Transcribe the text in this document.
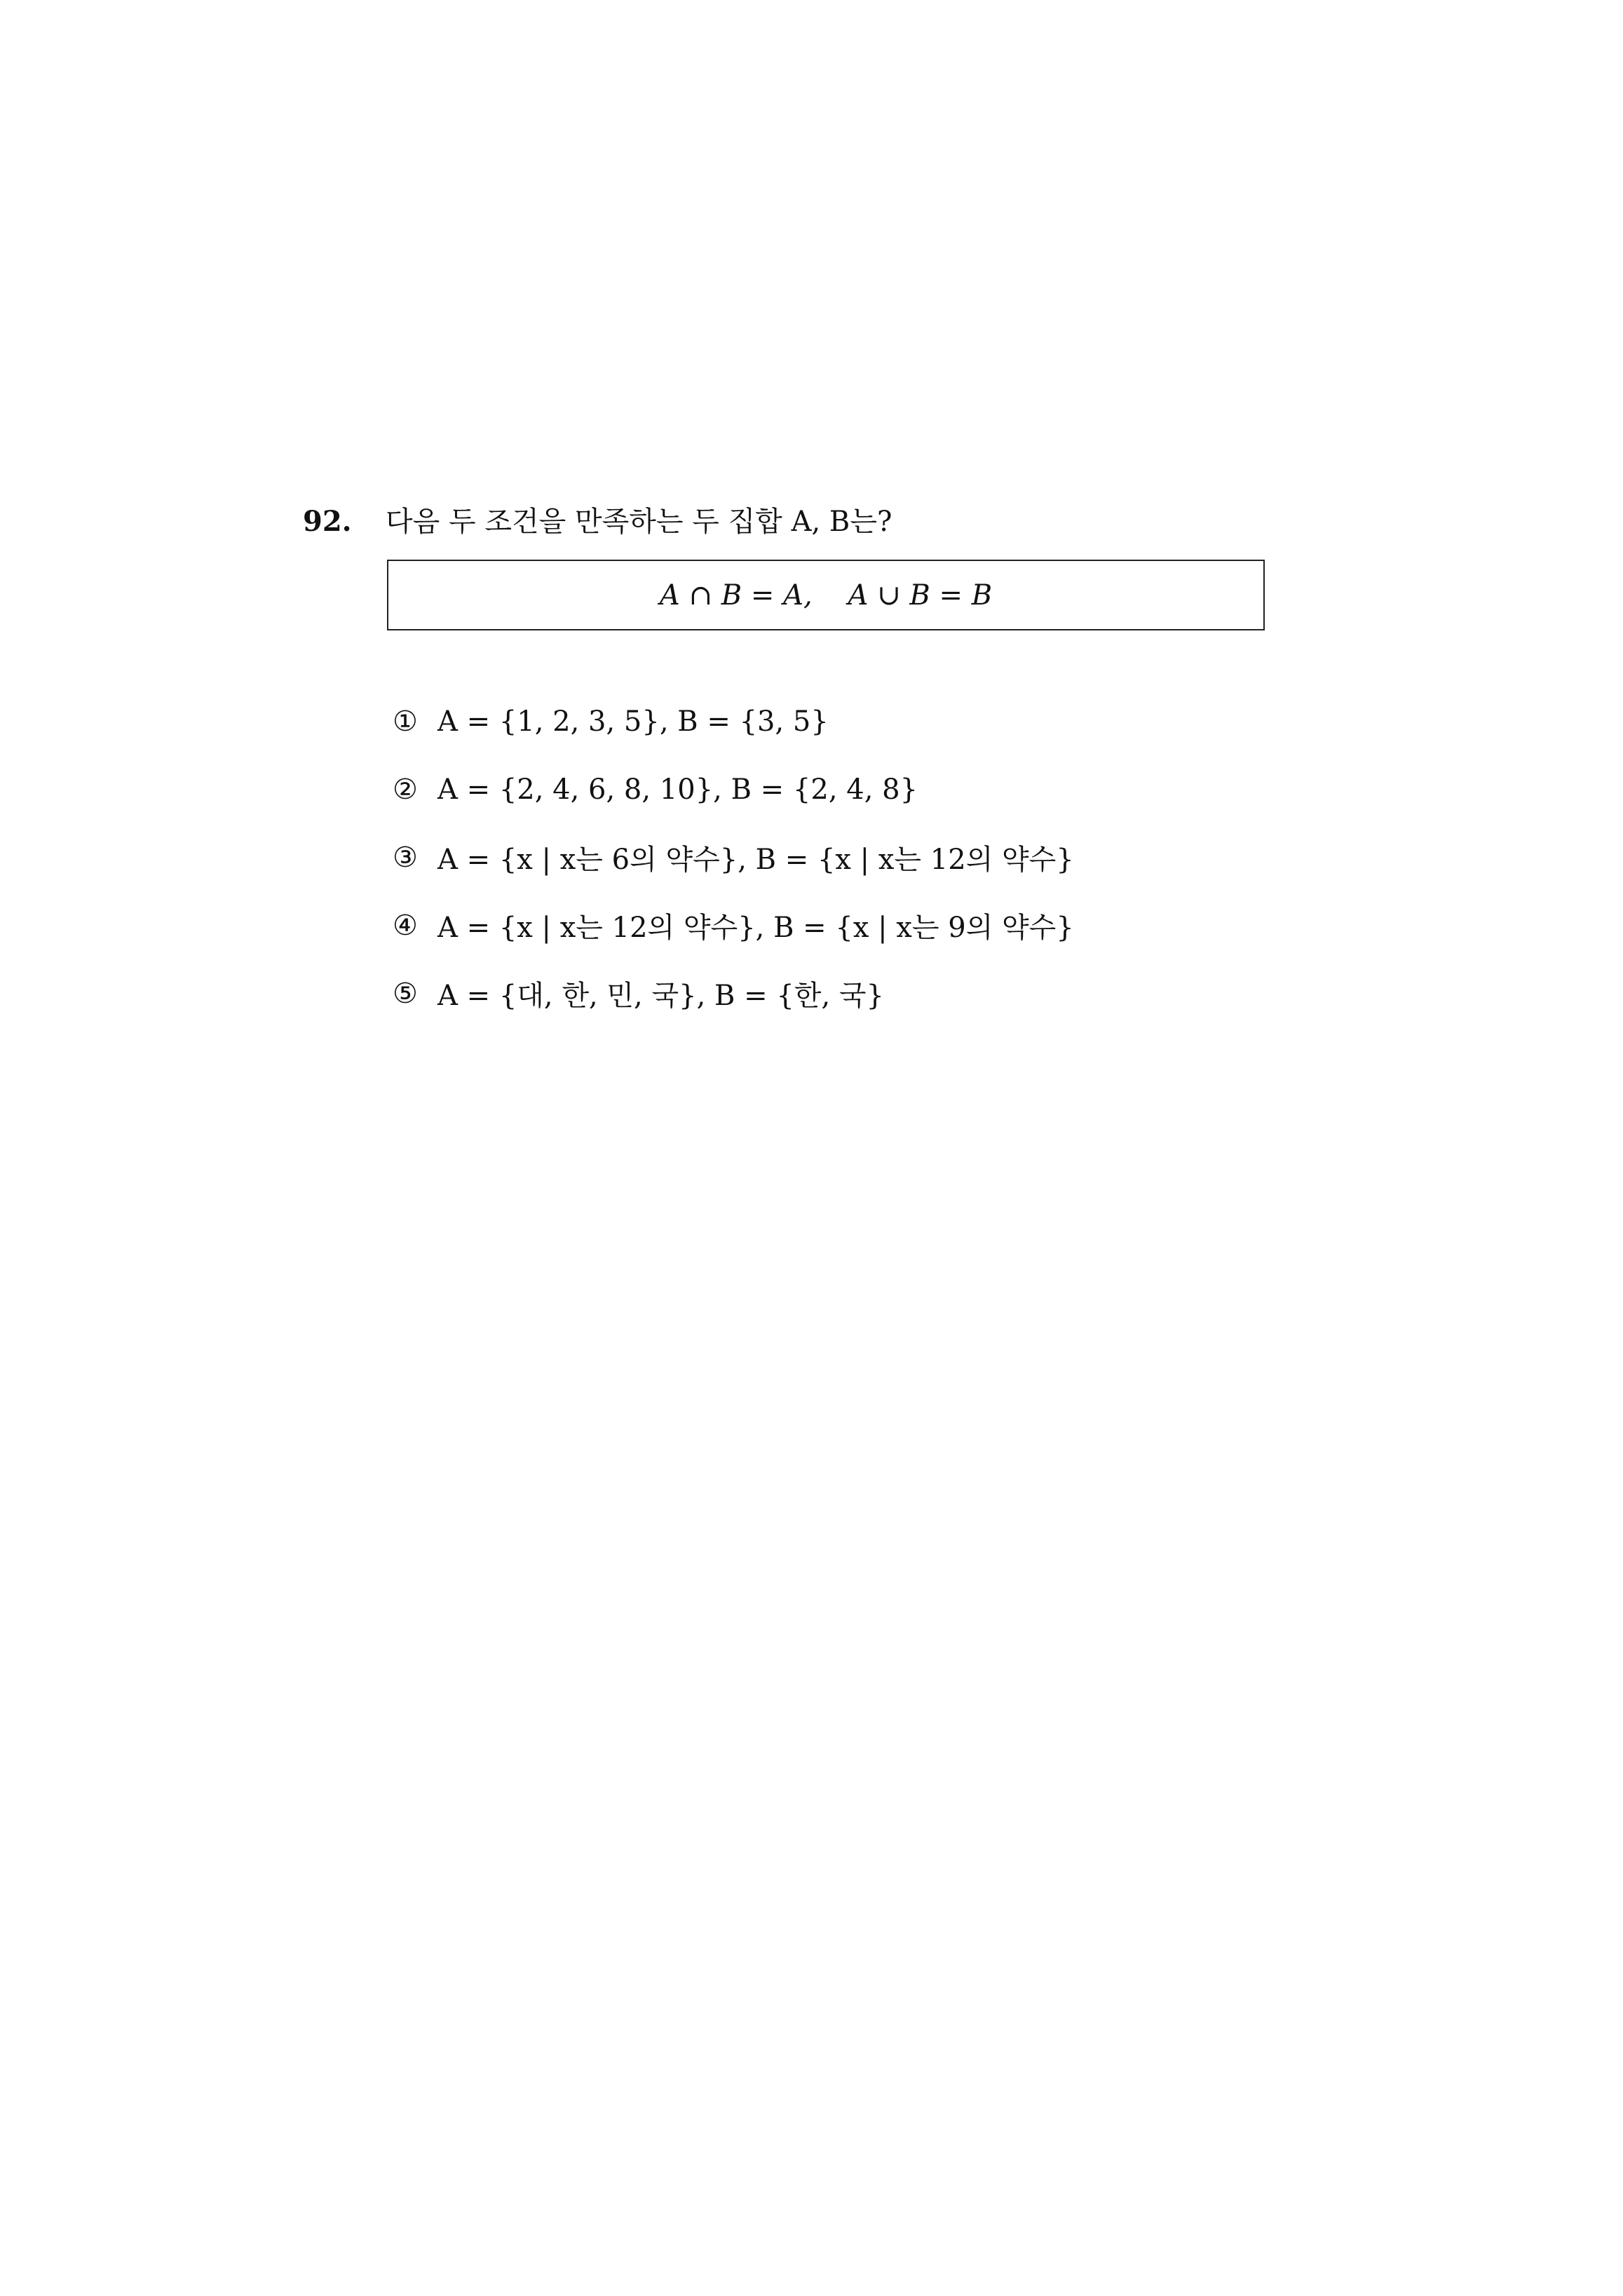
92. 다음 두 조건을 만족하는 두 집합 A, B는?
A ∩ B = A,    A ∪ B = B
① A = {1, 2, 3, 5}, B = {3, 5}
② A = {2, 4, 6, 8, 10}, B = {2, 4, 8}
③ A = {x | x는 6의 약수}, B = {x | x는 12의 약수}
④ A = {x | x는 12의 약수}, B = {x | x는 9의 약수}
⑤ A = {대, 한, 민, 국}, B = {한, 국}
